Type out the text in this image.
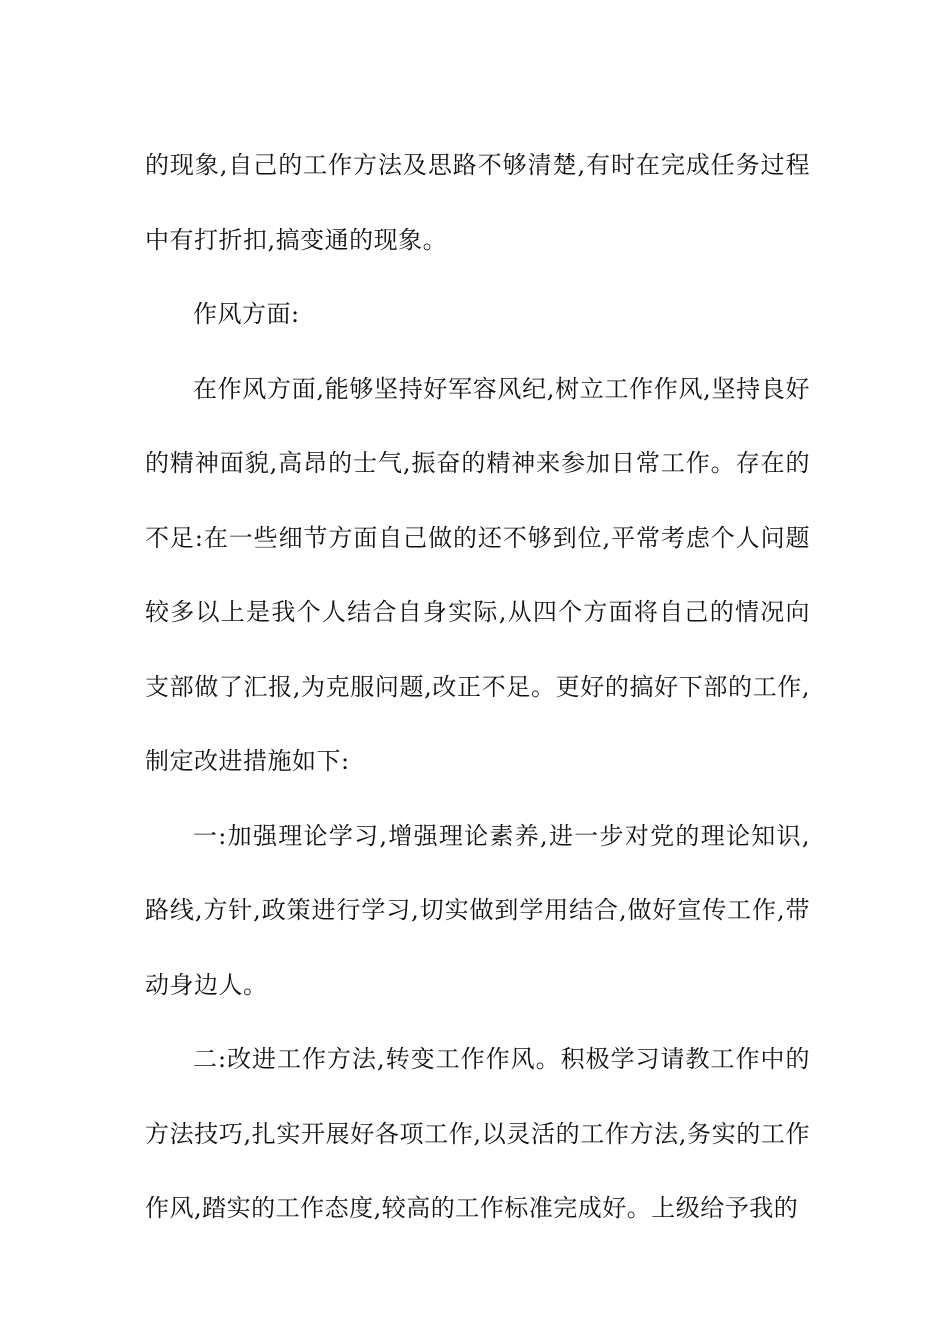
的现象,自己的工作方法及思路不够清楚,有时在完成任务过程中有打折扣,搞变通的现象。

作风方面:

在作风方面,能够坚持好军容风纪,树立工作作风,坚持良好的精神面貌,高昂的士气,振奋的精神来参加日常工作。存在的不足:在一些细节方面自己做的还不够到位,平常考虑个人问题较多以上是我个人结合自身实际,从四个方面将自己的情况向支部做了汇报,为克服问题,改正不足。更好的搞好下部的工作,制定改进措施如下:

一:加强理论学习,增强理论素养,进一步对党的理论知识,路线,方针,政策进行学习,切实做到学用结合,做好宣传工作,带动身边人。

二:改进工作方法,转变工作作风。积极学习请教工作中的方法技巧,扎实开展好各项工作,以灵活的工作方法,务实的工作作风,踏实的工作态度,较高的工作标准完成好。上级给予我的
